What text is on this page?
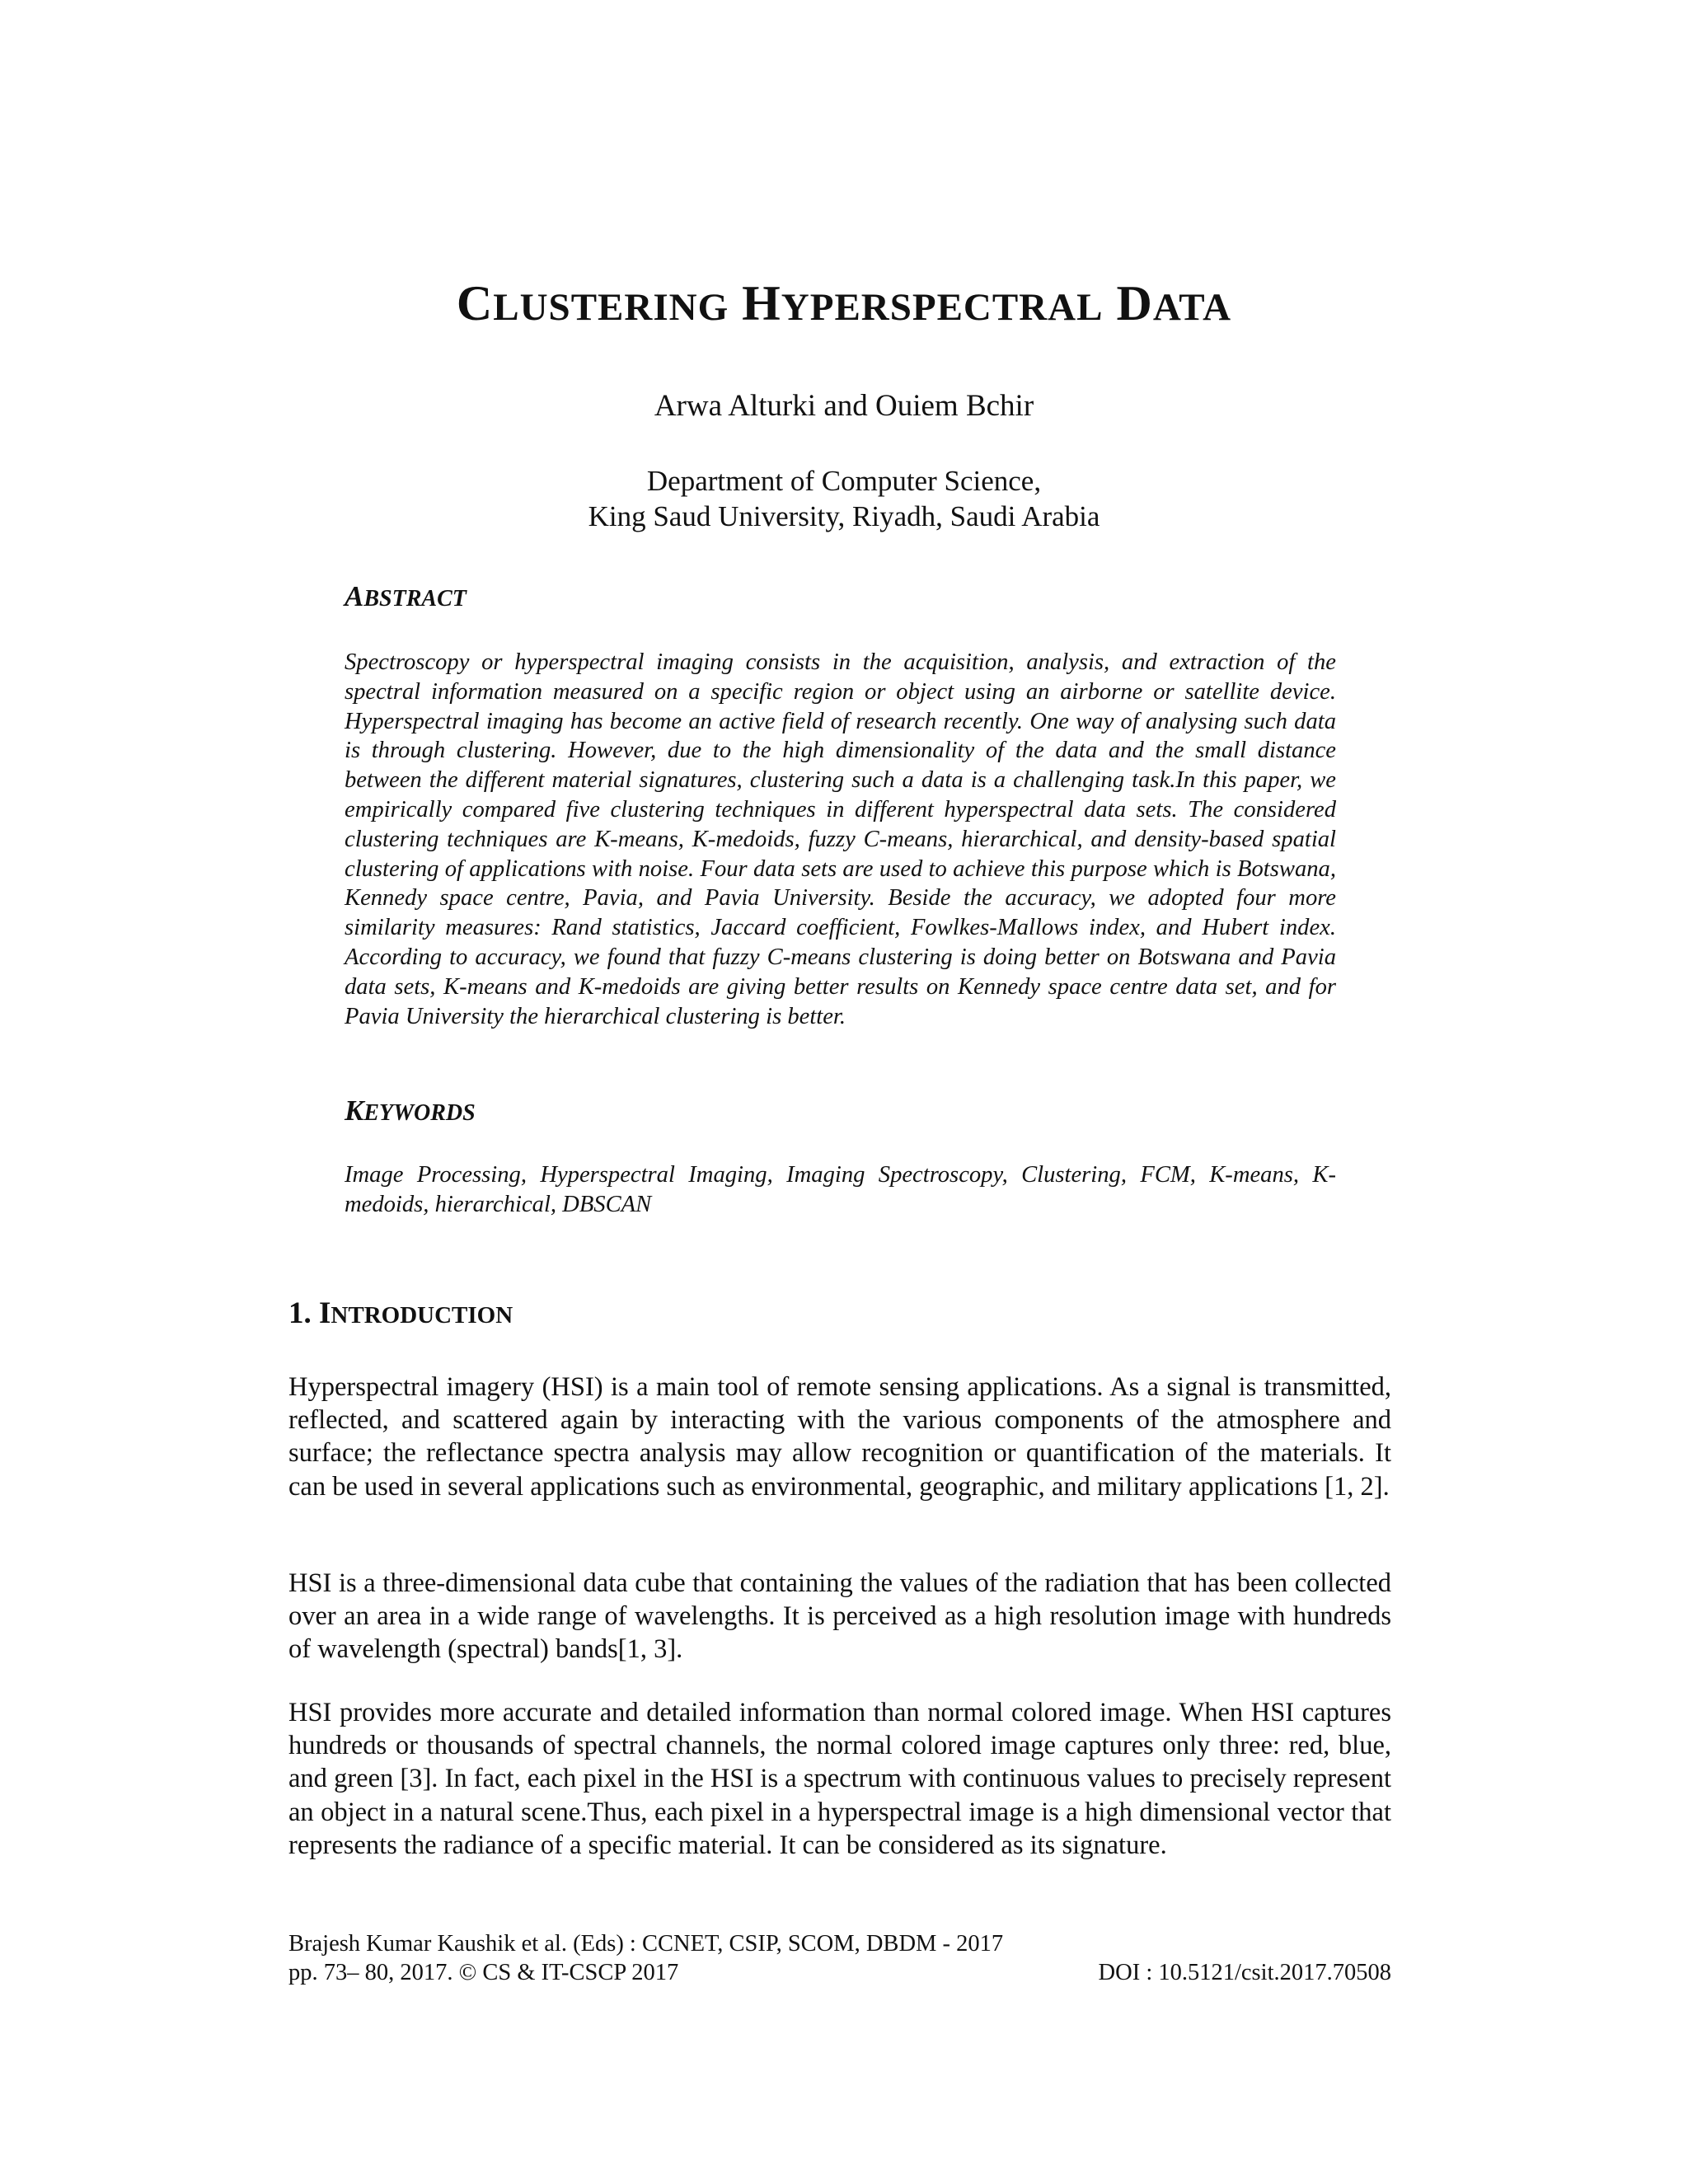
CLUSTERING HYPERSPECTRAL DATA
Arwa Alturki and Ouiem Bchir
Department of Computer Science,
King Saud University, Riyadh, Saudi Arabia
ABSTRACT

Spectroscopy or hyperspectral imaging consists in the acquisition, analysis, and extraction of the spectral information measured on a specific region or object using an airborne or satellite device. Hyperspectral imaging has become an active field of research recently. One way of analysing such data is through clustering. However, due to the high dimensionality of the data and the small distance between the different material signatures, clustering such a data is a challenging task.In this paper, we empirically compared five clustering techniques in different hyperspectral data sets. The considered clustering techniques are K-means, K-medoids, fuzzy C-means, hierarchical, and density-based spatial clustering of applications with noise. Four data sets are used to achieve this purpose which is Botswana, Kennedy space centre, Pavia, and Pavia University. Beside the accuracy, we adopted four more similarity measures: Rand statistics, Jaccard coefficient, Fowlkes-Mallows index, and Hubert index. According to accuracy, we found that fuzzy C-means clustering is doing better on Botswana and Pavia data sets, K-means and K-medoids are giving better results on Kennedy space centre data set, and for Pavia University the hierarchical clustering is better.

KEYWORDS

Image Processing, Hyperspectral Imaging, Imaging Spectroscopy, Clustering, FCM, K-means, K-medoids, hierarchical, DBSCAN

1. INTRODUCTION

Hyperspectral imagery (HSI) is a main tool of remote sensing applications. As a signal is transmitted, reflected, and scattered again by interacting with the various components of the atmosphere and surface; the reflectance spectra analysis may allow recognition or quantification of the materials. It can be used in several applications such as environmental, geographic, and military applications [1, 2].

HSI is a three-dimensional data cube that containing the values of the radiation that has been collected over an area in a wide range of wavelengths. It is perceived as a high resolution image with hundreds of wavelength (spectral) bands[1, 3].

HSI provides more accurate and detailed information than normal colored image. When HSI captures hundreds or thousands of spectral channels, the normal colored image captures only three: red, blue, and green [3]. In fact, each pixel in the HSI is a spectrum with continuous values to precisely represent an object in a natural scene.Thus, each pixel in a hyperspectral image is a high dimensional vector that represents the radiance of a specific material. It can be considered as its signature.

Brajesh Kumar Kaushik et al. (Eds) : CCNET, CSIP, SCOM, DBDM - 2017
pp. 73– 80, 2017. © CS & IT-CSCP 2017	DOI : 10.5121/csit.2017.70508
